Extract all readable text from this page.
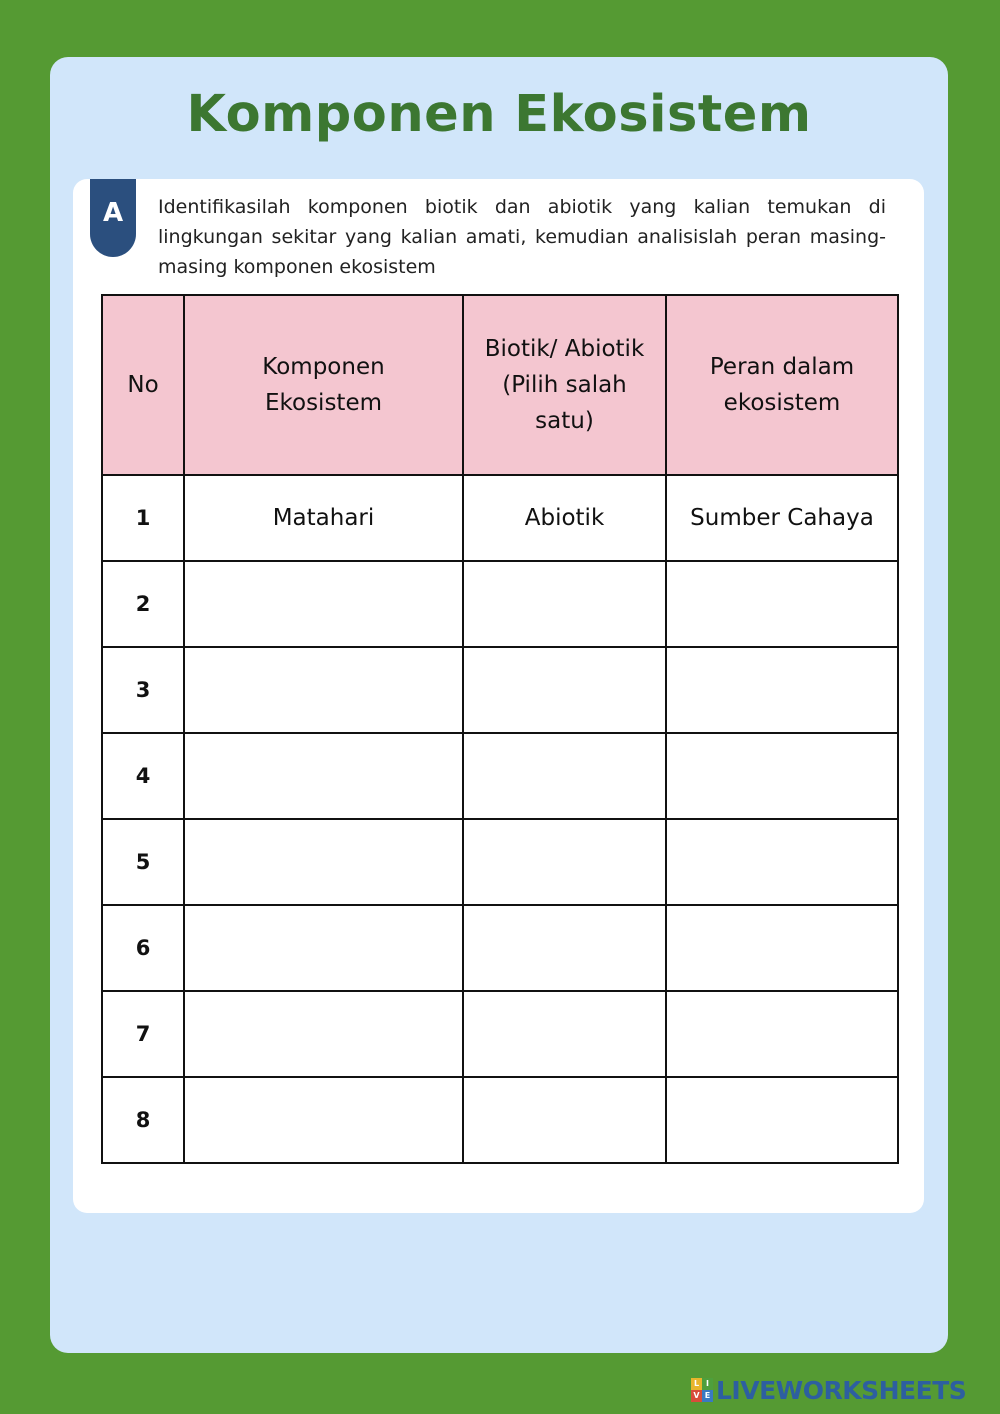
Komponen Ekosistem
A Identifikasilah komponen biotik dan abiotik yang kalian temukan di lingkungan sekitar yang kalian amati, kemudian analisislah peran masing-masing komponen ekosistem

No	Komponen Ekosistem	Biotik/ Abiotik (Pilih salah satu)	Peran dalam ekosistem
1	Matahari	Abiotik	Sumber Cahaya
2			
3			
4			
5			
6			
7			
8			
L I
V E LIVEWORKSHEETS
